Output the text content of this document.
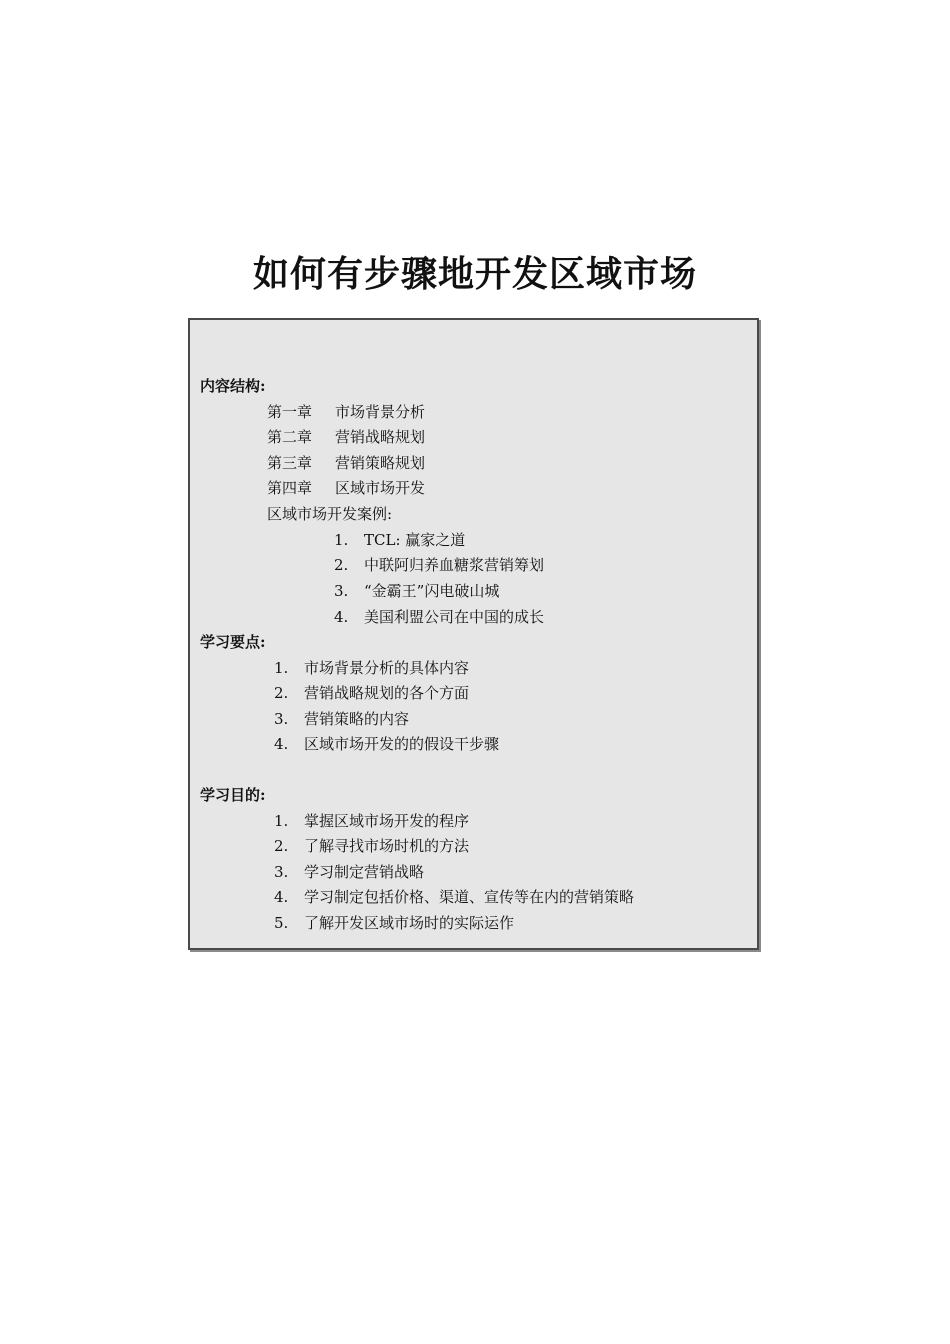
如何有步骤地开发区域市场
内容结构:
第一章 市场背景分析
第二章 营销战略规划
第三章 营销策略规划
第四章 区域市场开发
区域市场开发案例:
1. TCL: 赢家之道
2. 中联阿归养血糖浆营销筹划
3. “金霸王”闪电破山城
4. 美国利盟公司在中国的成长
学习要点:
1. 市场背景分析的具体内容
2. 营销战略规划的各个方面
3. 营销策略的内容
4. 区域市场开发的的假设干步骤
学习目的:
1. 掌握区域市场开发的程序
2. 了解寻找市场时机的方法
3. 学习制定营销战略
4. 学习制定包括价格、渠道、宣传等在内的营销策略
5. 了解开发区域市场时的实际运作
